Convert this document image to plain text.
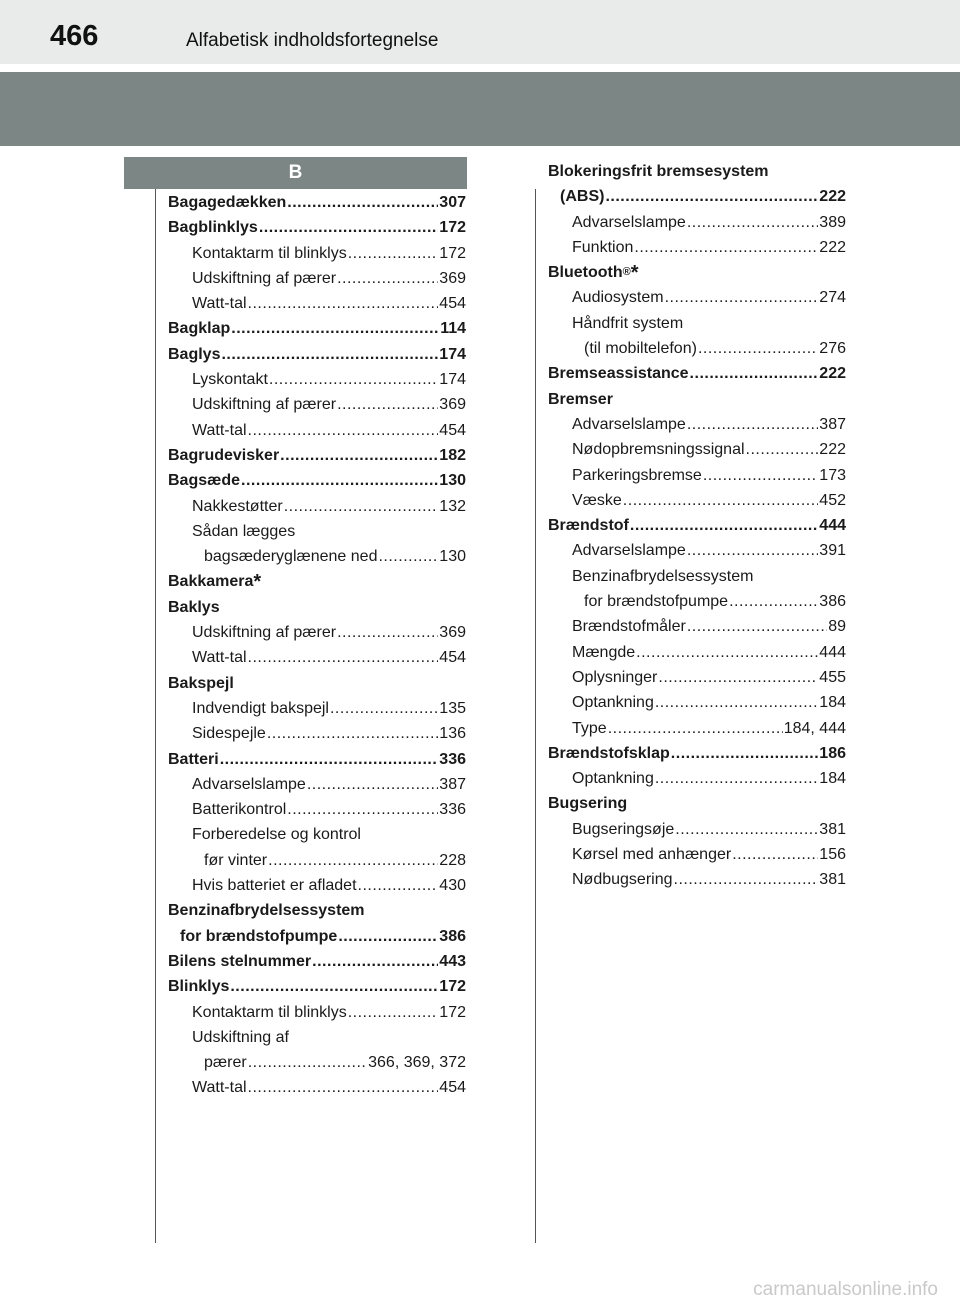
466	Alfabetisk indholdsfortegnelse
B
Bagagedækken .....	307
Bagblinklys .....	172
Kontaktarm til blinklys .....	172
Udskiftning af pærer .....	369
Watt-tal .....	454
Bagklap .....	114
Baglys .....	174
Lyskontakt .....	174
Udskiftning af pærer .....	369
Watt-tal .....	454
Bagrudevisker .....	182
Bagsæde .....	130
Nakkestøtter .....	132
Sådan lægges
bagsæderyglænene ned .....	130
Bakkamera *
Baklys
Udskiftning af pærer .....	369
Watt-tal .....	454
Bakspejl
Indvendigt bakspejl .....	135
Sidespejle .....	136
Batteri .....	336
Advarselslampe .....	387
Batterikontrol .....	336
Forberedelse og kontrol
før vinter .....	228
Hvis batteriet er afladet .....	430
Benzinafbrydelsessystem
for brændstofpumpe .....	386
Bilens stelnummer .....	443
Blinklys .....	172
Kontaktarm til blinklys .....	172
Udskiftning af
pærer .....	366, 369, 372
Watt-tal .....	454
Blokeringsfrit bremsesystem
(ABS) .....	222
Advarselslampe .....	389
Funktion .....	222
Bluetooth® *
Audiosystem .....	274
Håndfrit system
(til mobiltelefon) .....	276
Bremseassistance .....	222
Bremser
Advarselslampe .....	387
Nødopbremsningssignal .....	222
Parkeringsbremse .....	173
Væske .....	452
Brændstof .....	444
Advarselslampe .....	391
Benzinafbrydelsessystem
for brændstofpumpe .....	386
Brændstofmåler .....	89
Mængde .....	444
Oplysninger .....	455
Optankning .....	184
Type .....	184, 444
Brændstofsklap .....	186
Optankning .....	184
Bugsering
Bugseringsøje .....	381
Kørsel med anhænger .....	156
Nødbugsering .....	381
carmanualsonline.info
